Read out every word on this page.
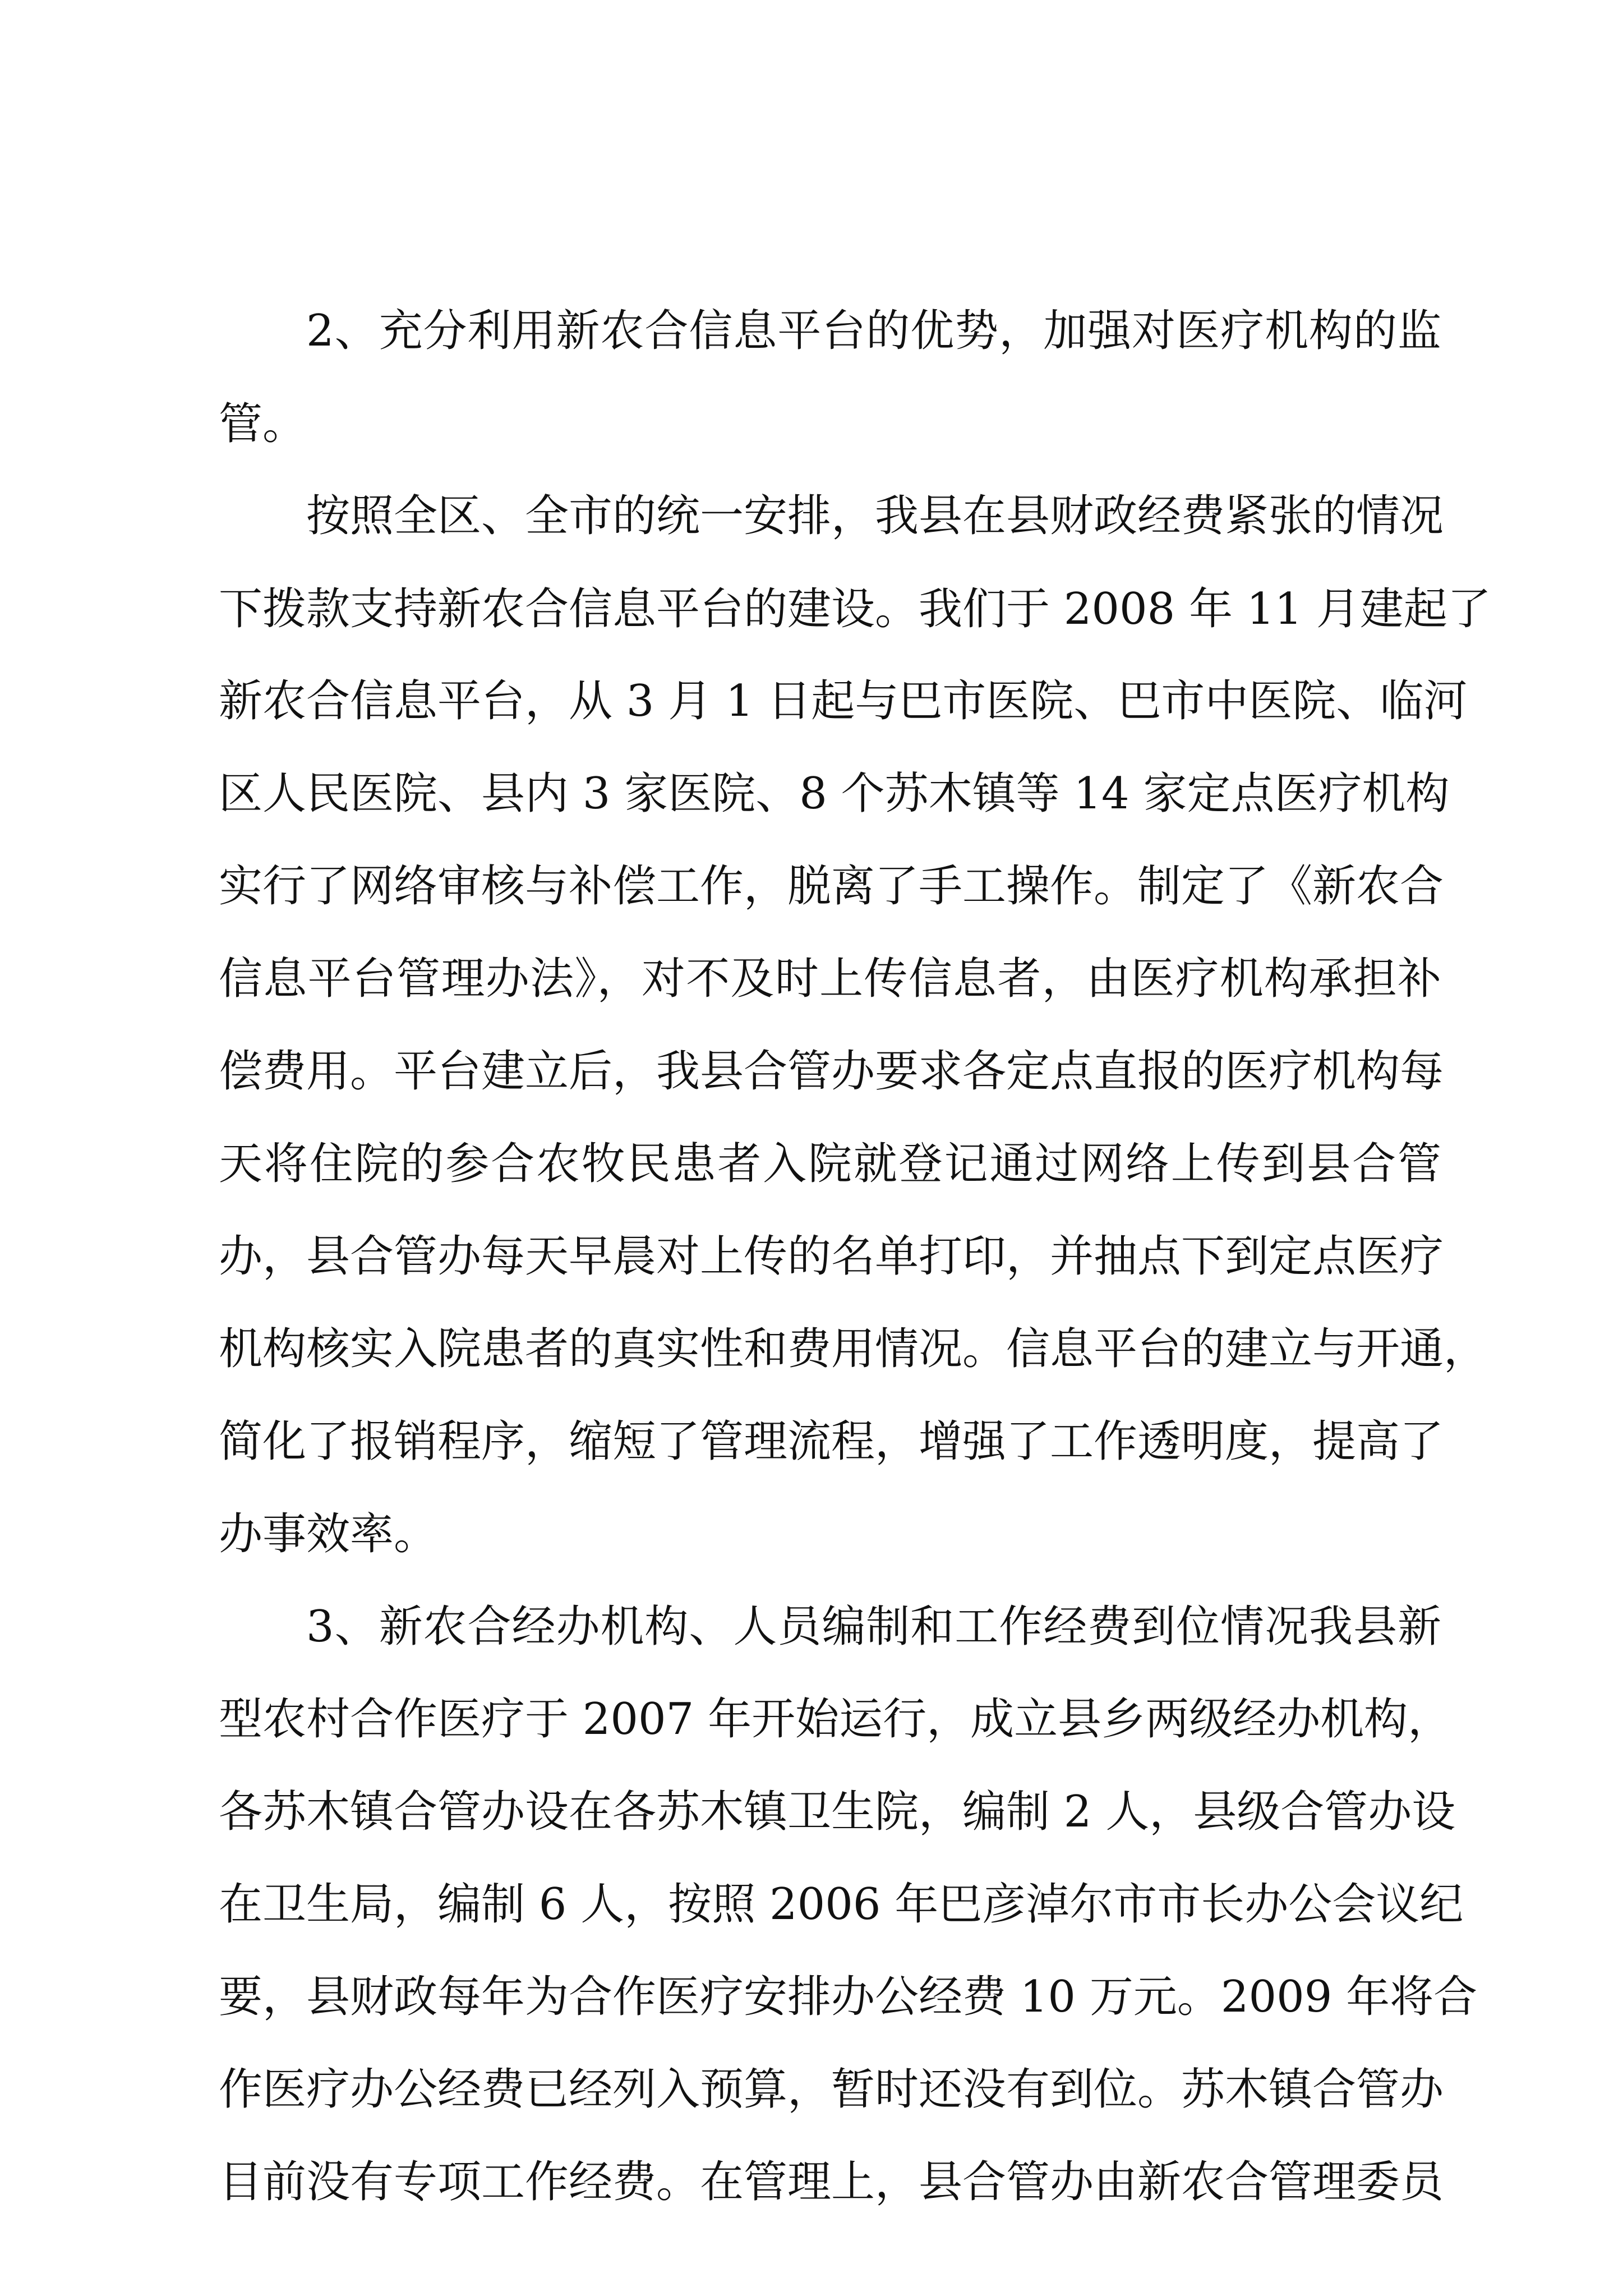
2、充分利用新农合信息平台的优势，加强对医疗机构的监
管。
按照全区、全市的统一安排，我县在县财政经费紧张的情况
下拨款支持新农合信息平台的建设。我们于 2008 年 11 月建起了
新农合信息平台，从 3 月 1 日起与巴市医院、巴市中医院、临河
区人民医院、县内 3 家医院、8 个苏木镇等 14 家定点医疗机构
实行了网络审核与补偿工作，脱离了手工操作。制定了《新农合
信息平台管理办法》，对不及时上传信息者，由医疗机构承担补
偿费用。平台建立后，我县合管办要求各定点直报的医疗机构每
天将住院的参合农牧民患者入院就登记通过网络上传到县合管
办，县合管办每天早晨对上传的名单打印，并抽点下到定点医疗
机构核实入院患者的真实性和费用情况。信息平台的建立与开通，
简化了报销程序，缩短了管理流程，增强了工作透明度，提高了
办事效率。
3、新农合经办机构、人员编制和工作经费到位情况我县新
型农村合作医疗于 2007 年开始运行，成立县乡两级经办机构，
各苏木镇合管办设在各苏木镇卫生院，编制 2 人，县级合管办设
在卫生局，编制 6 人，按照 2006 年巴彦淖尔市市长办公会议纪
要，县财政每年为合作医疗安排办公经费 10 万元。2009 年将合
作医疗办公经费已经列入预算，暂时还没有到位。苏木镇合管办
目前没有专项工作经费。在管理上，县合管办由新农合管理委员
